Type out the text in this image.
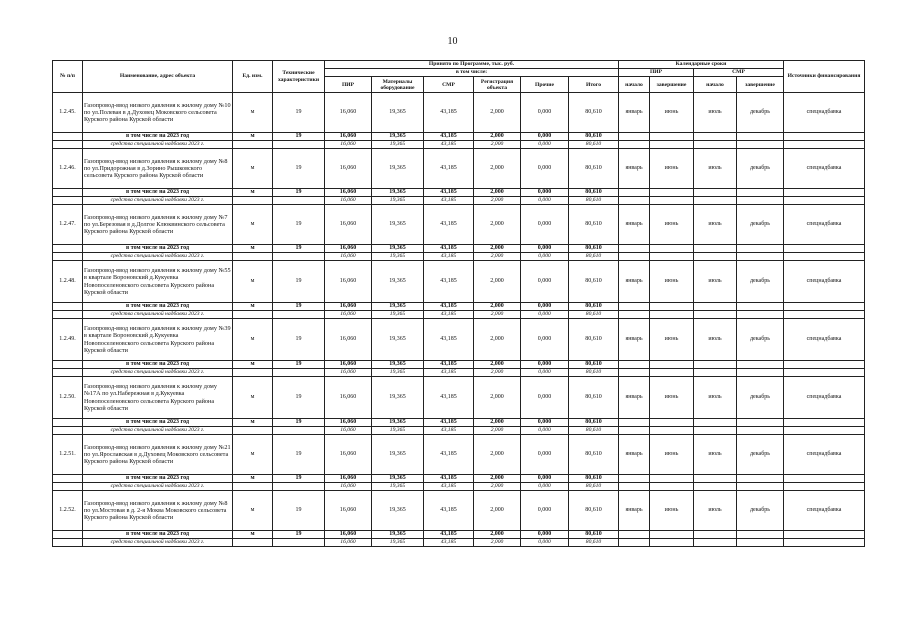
10
№ п/п	Наименование, адрес объекта	Ед. изм.	Технические характеристики	Принято по Программе, тыс. руб.						Календарные сроки				Источники финансирования
				в том числе:						ПИР		СМР		
				ПИР	Материалы оборудование	СМР	Регистрация объекта	Прочие	Итого	начало	завершение	начало	завершение	
1.2.45.	Газопровод-ввод низкого давления к жилому дому №10 по ул.Полевая в д.Духовец Моковского сельсовета Курского района Курской области	м	19	16,060	19,365	43,185	2,000	0,000	80,610	январь	июнь	июль	декабрь	спецнадбавка
	в том числе на 2023 год	м	19	16,060	19,365	43,185	2,000	0,000	80,610					
	средства специальной надбавки 2023 г.			16,060	19,365	43,185	2,000	0,000	80,610					
1.2.46.	Газопровод-ввод низкого давления к жилому дому №8 по ул.Придорожная в д.Зорино Рышковского сельсовета Курского района Курской области	м	19	16,060	19,365	43,185	2,000	0,000	80,610	январь	июнь	июль	декабрь	спецнадбавка
	в том числе на 2023 год	м	19	16,060	19,365	43,185	2,000	0,000	80,610					
	средства специальной надбавки 2023 г.			16,060	19,365	43,185	2,000	0,000	80,610					
1.2.47.	Газопровод-ввод низкого давления к жилому дому №7 по ул.Березовая в д.Долгое Клюквинского сельсовета Курского района Курской области	м	19	16,060	19,365	43,185	2,000	0,000	80,610	январь	июнь	июль	декабрь	спецнадбавка
	в том числе на 2023 год	м	19	16,060	19,365	43,185	2,000	0,000	80,610					
	средства специальной надбавки 2023 г.			16,060	19,365	43,185	2,000	0,000	80,610					
1.2.48.	Газопровод-ввод низкого давления к жилому дому №55 в квартале Вороновский д.Кукуевка Новопоселеновского сельсовета Курского района Курской области	м	19	16,060	19,365	43,185	2,000	0,000	80,610	январь	июнь	июль	декабрь	спецнадбавка
	в том числе на 2023 год	м	19	16,060	19,365	43,185	2,000	0,000	80,610					
	средства специальной надбавки 2023 г.			16,060	19,365	43,185	2,000	0,000	80,610					
1.2.49.	Газопровод-ввод низкого давления к жилому дому №39 в квартале Вороновский д.Кукуевка Новопоселеновского сельсовета Курского района Курской области	м	19	16,060	19,365	43,185	2,000	0,000	80,610	январь	июнь	июль	декабрь	спецнадбавка
	в том числе на 2023 год	м	19	16,060	19,365	43,185	2,000	0,000	80,610					
	средства специальной надбавки 2023 г.			16,060	19,365	43,185	2,000	0,000	80,610					
1.2.50.	Газопровод-ввод низкого давления к жилому дому №17А по ул.Набережная в д.Кукуевка Новопоселеновского сельсовета Курского района Курской области	м	19	16,060	19,365	43,185	2,000	0,000	80,610	январь	июнь	июль	декабрь	спецнадбавка
	в том числе на 2023 год	м	19	16,060	19,365	43,185	2,000	0,000	80,610					
	средства специальной надбавки 2023 г.			16,060	19,365	43,185	2,000	0,000	80,610					
1.2.51.	Газопровод-ввод низкого давления к жилому дому №21 по ул.Ярославская в д.Духовец Моковского сельсовета Курского района Курской области	м	19	16,060	19,365	43,185	2,000	0,000	80,610	январь	июнь	июль	декабрь	спецнадбавка
	в том числе на 2023 год	м	19	16,060	19,365	43,185	2,000	0,000	80,610					
	средства специальной надбавки 2023 г.			16,060	19,365	43,185	2,000	0,000	80,610					
1.2.52.	Газопровод-ввод низкого давления к жилому дому №8 по ул.Мостовая в д. 2-я Моква Моковского сельсовета Курского района Курской области	м	19	16,060	19,365	43,185	2,000	0,000	80,610	январь	июнь	июль	декабрь	спецнадбавка
	в том числе на 2023 год	м	19	16,060	19,365	43,185	2,000	0,000	80,610					
	средства специальной надбавки 2023 г.			16,060	19,365	43,185	2,000	0,000	80,610					
